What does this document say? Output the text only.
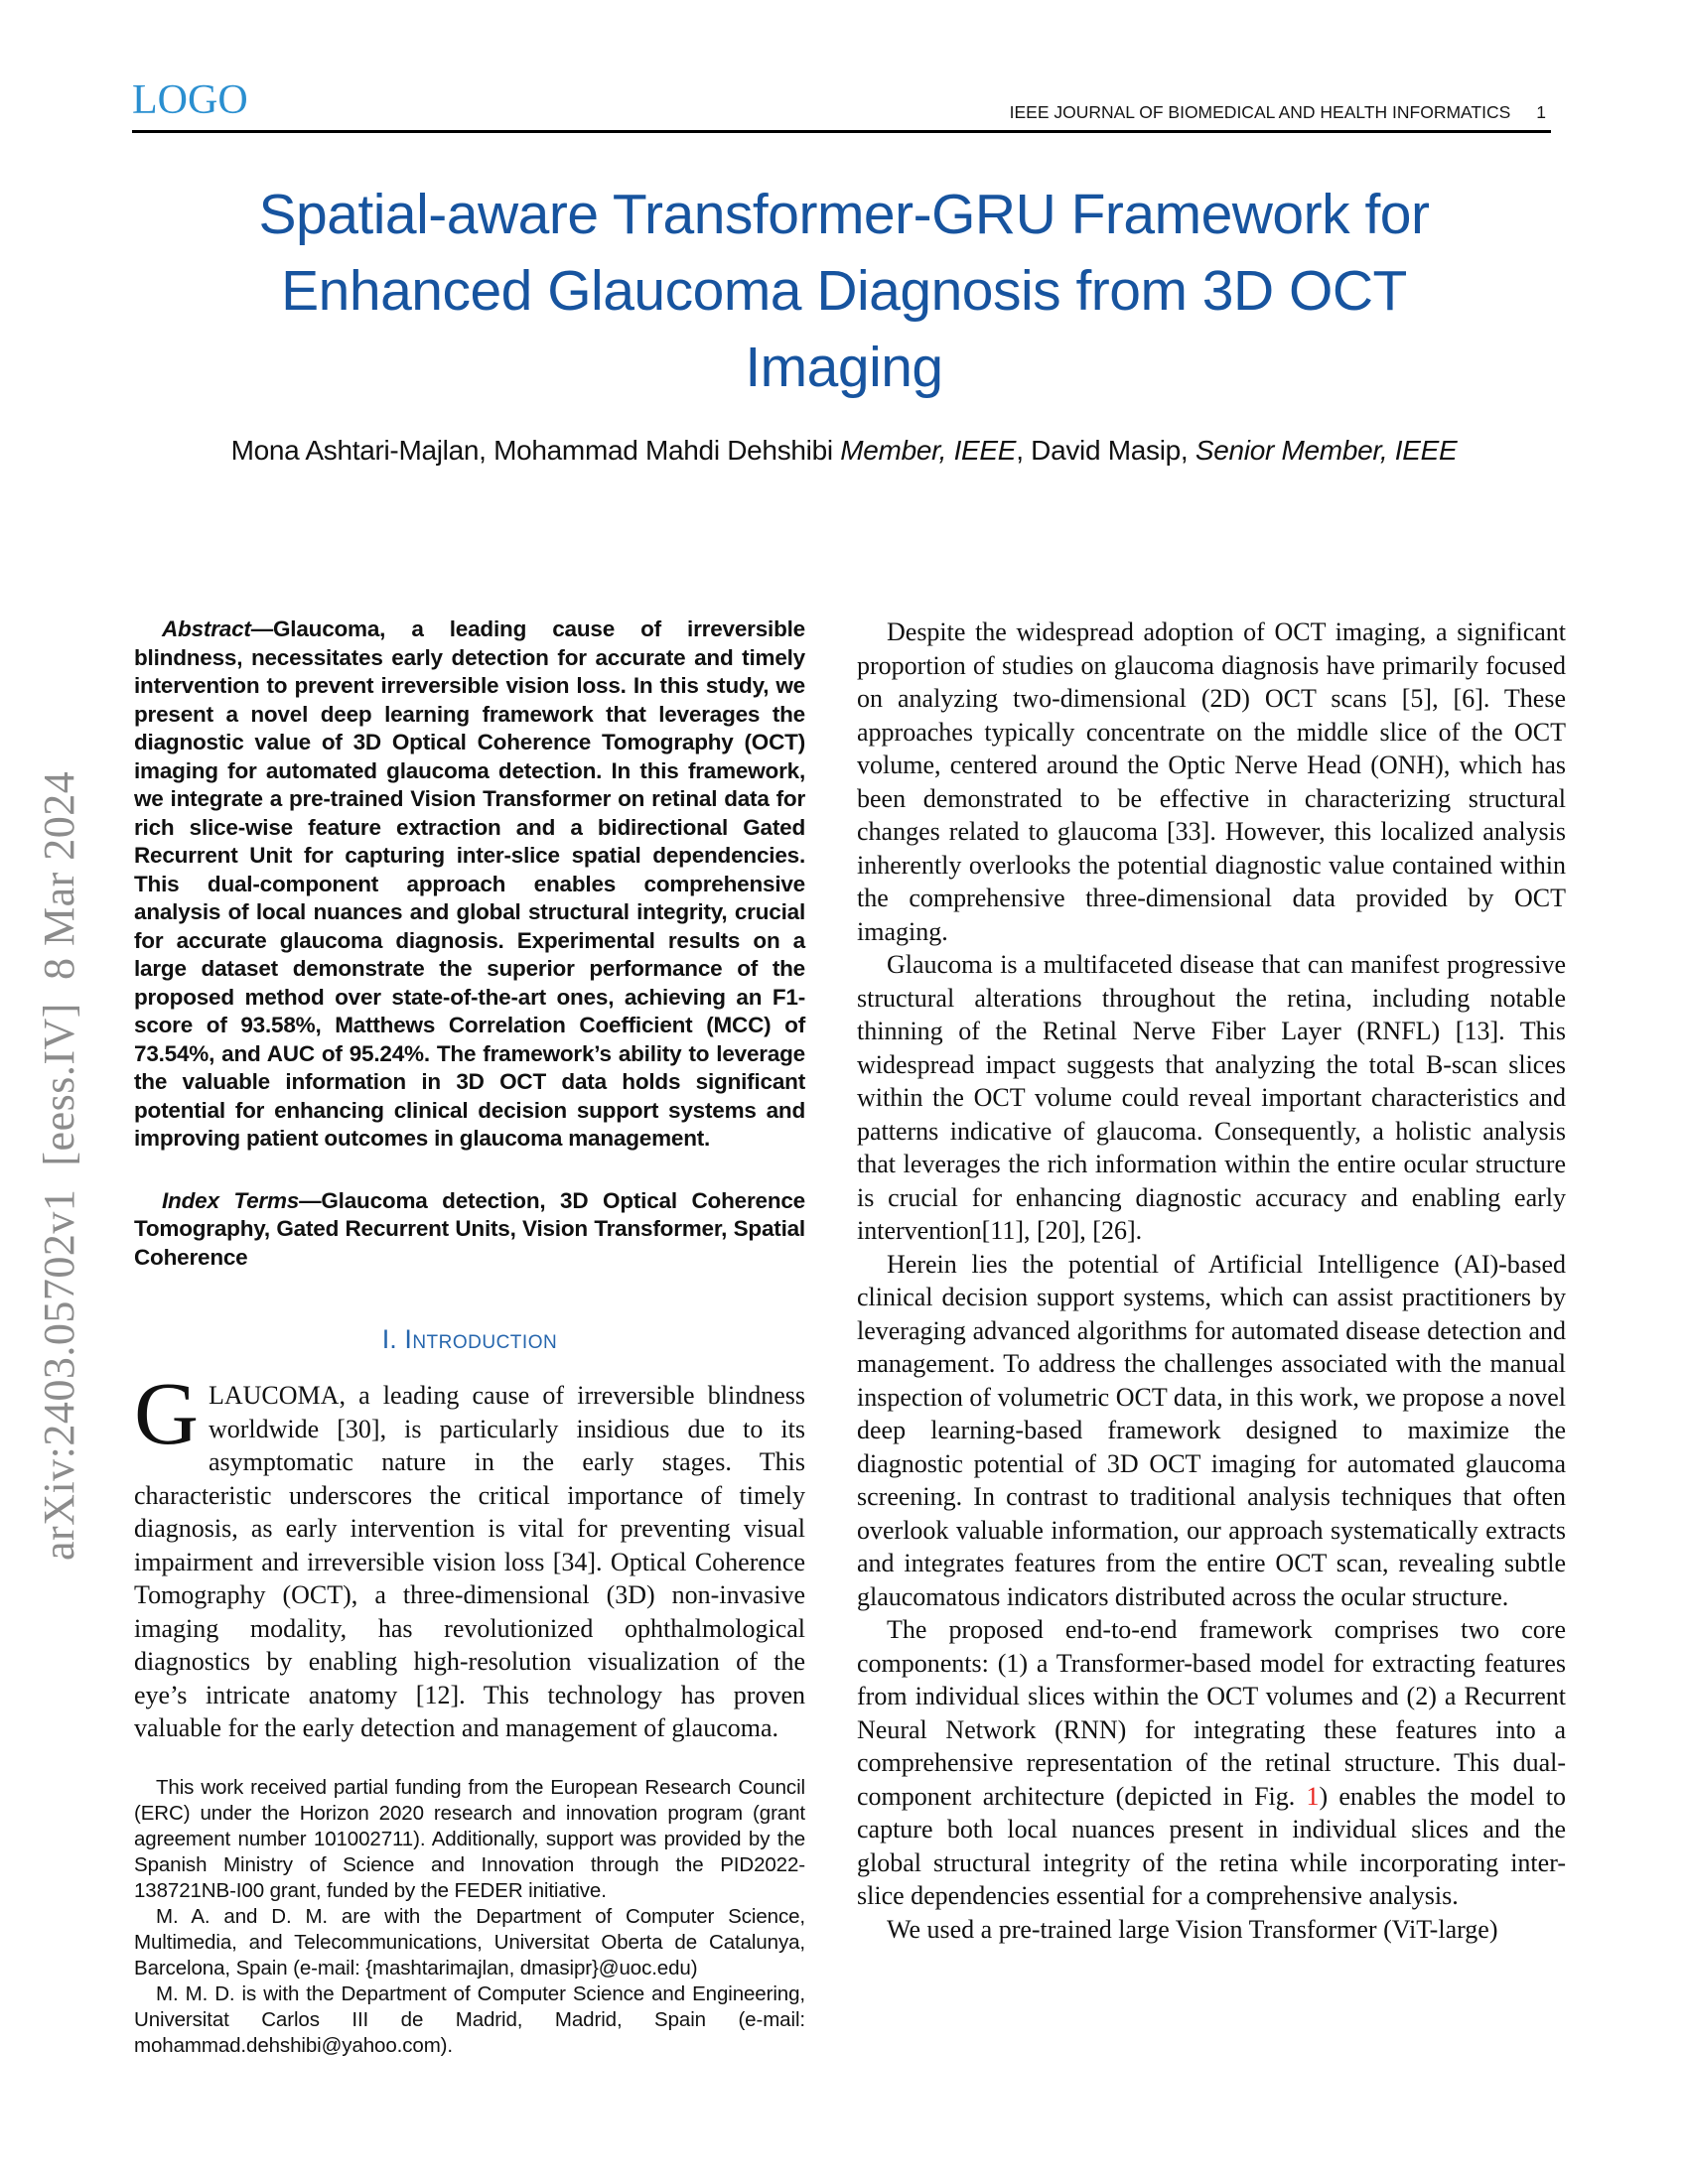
LOGO	IEEE JOURNAL OF BIOMEDICAL AND HEALTH INFORMATICS 1
arXiv:2403.05702v1  [eess.IV]  8 Mar 2024
Spatial-aware Transformer-GRU Framework for
Enhanced Glaucoma Diagnosis from 3D OCT
Imaging
Mona Ashtari-Majlan, Mohammad Mahdi Dehshibi Member, IEEE, David Masip, Senior Member, IEEE

Abstract—Glaucoma, a leading cause of irreversible blindness, necessitates early detection for accurate and timely intervention to prevent irreversible vision loss. In this study, we present a novel deep learning framework that leverages the diagnostic value of 3D Optical Coherence Tomography (OCT) imaging for automated glaucoma detection. In this framework, we integrate a pre-trained Vision Transformer on retinal data for rich slice-wise feature extraction and a bidirectional Gated Recurrent Unit for capturing inter-slice spatial dependencies. This dual-component approach enables comprehensive analysis of local nuances and global structural integrity, crucial for accurate glaucoma diagnosis. Experimental results on a large dataset demonstrate the superior performance of the proposed method over state-of-the-art ones, achieving an F1-score of 93.58%, Matthews Correlation Coefficient (MCC) of 73.54%, and AUC of 95.24%. The framework’s ability to leverage the valuable information in 3D OCT data holds significant potential for enhancing clinical decision support systems and improving patient outcomes in glaucoma management.

Index Terms—Glaucoma detection, 3D Optical Coherence Tomography, Gated Recurrent Units, Vision Transformer, Spatial Coherence

I. Introduction
GLAUCOMA, a leading cause of irreversible blindness worldwide [30], is particularly insidious due to its asymptomatic nature in the early stages. This characteristic underscores the critical importance of timely diagnosis, as early intervention is vital for preventing visual impairment and irreversible vision loss [34]. Optical Coherence Tomography (OCT), a three-dimensional (3D) non-invasive imaging modality, has revolutionized ophthalmological diagnostics by enabling high-resolution visualization of the eye’s intricate anatomy [12]. This technology has proven valuable for the early detection and management of glaucoma.

This work received partial funding from the European Research Council (ERC) under the Horizon 2020 research and innovation program (grant agreement number 101002711). Additionally, support was provided by the Spanish Ministry of Science and Innovation through the PID2022-138721NB-I00 grant, funded by the FEDER initiative.

M. A. and D. M. are with the Department of Computer Science, Multimedia, and Telecommunications, Universitat Oberta de Catalunya, Barcelona, Spain (e-mail: {mashtarimajlan, dmasipr}@uoc.edu)

M. M. D. is with the Department of Computer Science and Engineering, Universitat Carlos III de Madrid, Madrid, Spain (e-mail: mohammad.dehshibi@yahoo.com).

Despite the widespread adoption of OCT imaging, a significant proportion of studies on glaucoma diagnosis have primarily focused on analyzing two-dimensional (2D) OCT scans [5], [6]. These approaches typically concentrate on the middle slice of the OCT volume, centered around the Optic Nerve Head (ONH), which has been demonstrated to be effective in characterizing structural changes related to glaucoma [33]. However, this localized analysis inherently overlooks the potential diagnostic value contained within the comprehensive three-dimensional data provided by OCT imaging.

Glaucoma is a multifaceted disease that can manifest progressive structural alterations throughout the retina, including notable thinning of the Retinal Nerve Fiber Layer (RNFL) [13]. This widespread impact suggests that analyzing the total B-scan slices within the OCT volume could reveal important characteristics and patterns indicative of glaucoma. Consequently, a holistic analysis that leverages the rich information within the entire ocular structure is crucial for enhancing diagnostic accuracy and enabling early intervention[11], [20], [26].

Herein lies the potential of Artificial Intelligence (AI)-based clinical decision support systems, which can assist practitioners by leveraging advanced algorithms for automated disease detection and management. To address the challenges associated with the manual inspection of volumetric OCT data, in this work, we propose a novel deep learning-based framework designed to maximize the diagnostic potential of 3D OCT imaging for automated glaucoma screening. In contrast to traditional analysis techniques that often overlook valuable information, our approach systematically extracts and integrates features from the entire OCT scan, revealing subtle glaucomatous indicators distributed across the ocular structure.

The proposed end-to-end framework comprises two core components: (1) a Transformer-based model for extracting features from individual slices within the OCT volumes and (2) a Recurrent Neural Network (RNN) for integrating these features into a comprehensive representation of the retinal structure. This dual-component architecture (depicted in Fig. 1) enables the model to capture both local nuances present in individual slices and the global structural integrity of the retina while incorporating inter-slice dependencies essential for a comprehensive analysis.

We used a pre-trained large Vision Transformer (ViT-large)
